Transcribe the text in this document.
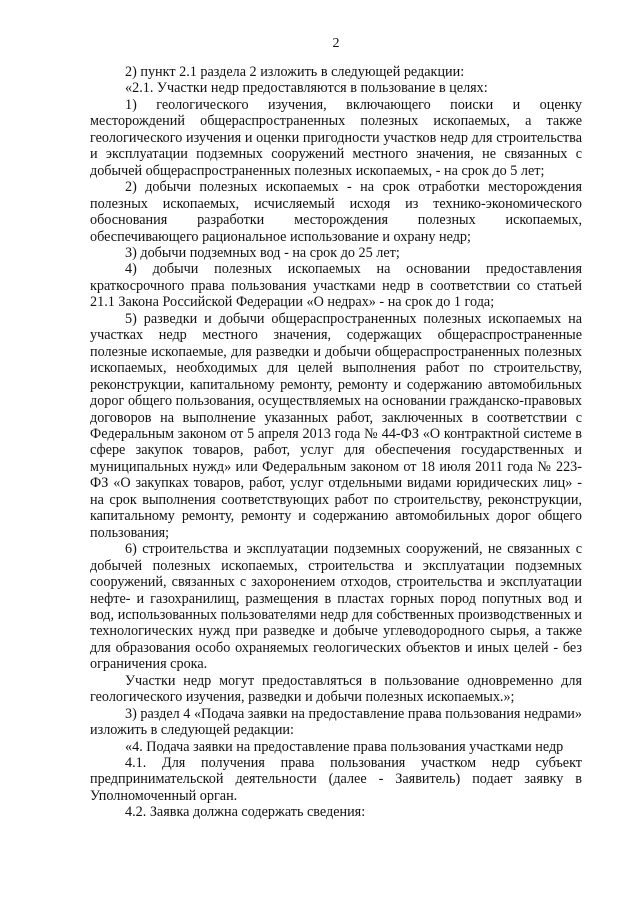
2

2) пункт 2.1 раздела 2 изложить в следующей редакции:

«2.1. Участки недр предоставляются в пользование в целях:

1) геологического изучения, включающего поиски и оценку месторождений общераспространенных полезных ископаемых, а также геологического изучения и оценки пригодности участков недр для строительства и эксплуатации подземных сооружений местного значения, не связанных с добычей общераспространенных полезных ископаемых, - на срок до 5 лет;

2) добычи полезных ископаемых - на срок отработки месторождения полезных ископаемых, исчисляемый исходя из технико-экономического обоснования разработки месторождения полезных ископаемых, обеспечивающего рациональное использование и охрану недр;

3) добычи подземных вод - на срок до 25 лет;

4) добычи полезных ископаемых на основании предоставления краткосрочного права пользования участками недр в соответствии со статьей 21.1 Закона Российской Федерации «О недрах» - на срок до 1 года;

5) разведки и добычи общераспространенных полезных ископаемых на участках недр местного значения, содержащих общераспространенные полезные ископаемые, для разведки и добычи общераспространенных полезных ископаемых, необходимых для целей выполнения работ по строительству, реконструкции, капитальному ремонту, ремонту и содержанию автомобильных дорог общего пользования, осуществляемых на основании гражданско-правовых договоров на выполнение указанных работ, заключенных в соответствии с Федеральным законом от 5 апреля 2013 года № 44-ФЗ «О контрактной системе в сфере закупок товаров, работ, услуг для обеспечения государственных и муниципальных нужд» или Федеральным законом от 18 июля 2011 года № 223-ФЗ «О закупках товаров, работ, услуг отдельными видами юридических лиц» - на срок выполнения соответствующих работ по строительству, реконструкции, капитальному ремонту, ремонту и содержанию автомобильных дорог общего пользования;

6) строительства и эксплуатации подземных сооружений, не связанных с добычей полезных ископаемых, строительства и эксплуатации подземных сооружений, связанных с захоронением отходов, строительства и эксплуатации нефте- и газохранилищ, размещения в пластах горных пород попутных вод и вод, использованных пользователями недр для собственных производственных и технологических нужд при разведке и добыче углеводородного сырья, а также для образования особо охраняемых геологических объектов и иных целей - без ограничения срока.

Участки недр могут предоставляться в пользование одновременно для геологического изучения, разведки и добычи полезных ископаемых.»;

3) раздел 4 «Подача заявки на предоставление права пользования недрами» изложить в следующей редакции:

«4. Подача заявки на предоставление права пользования участками недр

4.1. Для получения права пользования участком недр субъект предпринимательской деятельности (далее - Заявитель) подает заявку в Уполномоченный орган.

4.2. Заявка должна содержать сведения:
